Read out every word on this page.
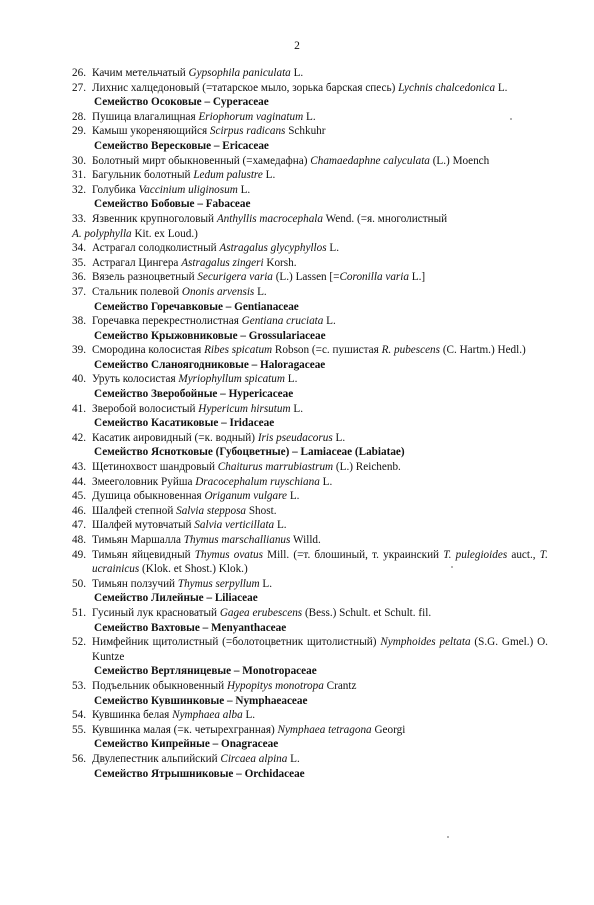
2
26. Качим метельчатый Gypsophila paniculata L.
27. Лихнис халцедоновый (=татарское мыло, зорька барская спесь) Lychnis chalcedonica L.
Семейство Осоковые – Cyperaceae
28. Пушица влагалищная Eriophorum vaginatum L.
29. Камыш укореняющийся Scirpus radicans Schkuhr
Семейство Вересковые – Ericaceae
30. Болотный мирт обыкновенный (=хамедафна) Chamaedaphne calyculata (L.) Moench
31. Багульник болотный Ledum palustre L.
32. Голубика Vaccinium uliginosum L.
Семейство Бобовые – Fabaceae
33. Язвенник крупноголовый Anthyllis macrocephala Wend. (=я. многолистный
A. polyphylla Kit. ex Loud.)
34. Астрагал солодколистный Astragalus glycyphyllos L.
35. Астрагал Цингера Astragalus zingeri Korsh.
36. Вязель разноцветный Securigera varia (L.) Lassen [=Coronilla varia L.]
37. Стальник полевой Ononis arvensis L.
Семейство Горечавковые – Gentianaceae
38. Горечавка перекрестнолистная Gentiana cruciata L.
Семейство Крыжовниковые – Grossulariaceae
39. Смородина колосистая Ribes spicatum Robson (=с. пушистая R. pubescens (C. Hartm.) Hedl.)
Семейство Сланоягодниковые – Haloragaceae
40. Уруть колосистая Myriophyllum spicatum L.
Семейство Зверобойные – Hypericaceae
41. Зверобой волосистый Hypericum hirsutum L.
Семейство Касатиковые – Iridaceae
42. Касатик аировидный (=к. водный) Iris pseudacorus L.
Семейство Яснотковые (Губоцветные) – Lamiaceae (Labiatae)
43. Щетинохвост шандровый Chaiturus marrubiastrum (L.) Reichenb.
44. Змееголовник Руйша Dracocephalum ruyschiana L.
45. Душица обыкновенная Origanum vulgare L.
46. Шалфей степной Salvia stepposa Shost.
47. Шалфей мутовчатый Salvia verticillata L.
48. Тимьян Маршалла Thymus marschallianus Willd.
49. Тимьян яйцевидный Thymus ovatus Mill. (=т. блошиный, т. украинский T. pulegioides auct., T. ucrainicus (Klok. et Shost.) Klok.)
50. Тимьян ползучий Thymus serpyllum L.
Семейство Лилейные – Liliaceae
51. Гусиный лук красноватый Gagea erubescens (Bess.) Schult. et Schult. fil.
Семейство Вахтовые – Menyanthaceae
52. Нимфейник щитолистный (=болотоцветник щитолистный) Nymphoides peltata (S.G. Gmel.) O. Kuntze
Семейство Вертляницевые – Monotropaceae
53. Подъельник обыкновенный Hypopitys monotropa Crantz
Семейство Кувшинковые – Nymphaeaceae
54. Кувшинка белая Nymphaea alba L.
55. Кувшинка малая (=к. четырехгранная) Nymphaea tetragona Georgi
Семейство Кипрейные – Onagraceae
56. Двулепестник альпийский Circaea alpina L.
Семейство Ятрышниковые – Orchidaceae
